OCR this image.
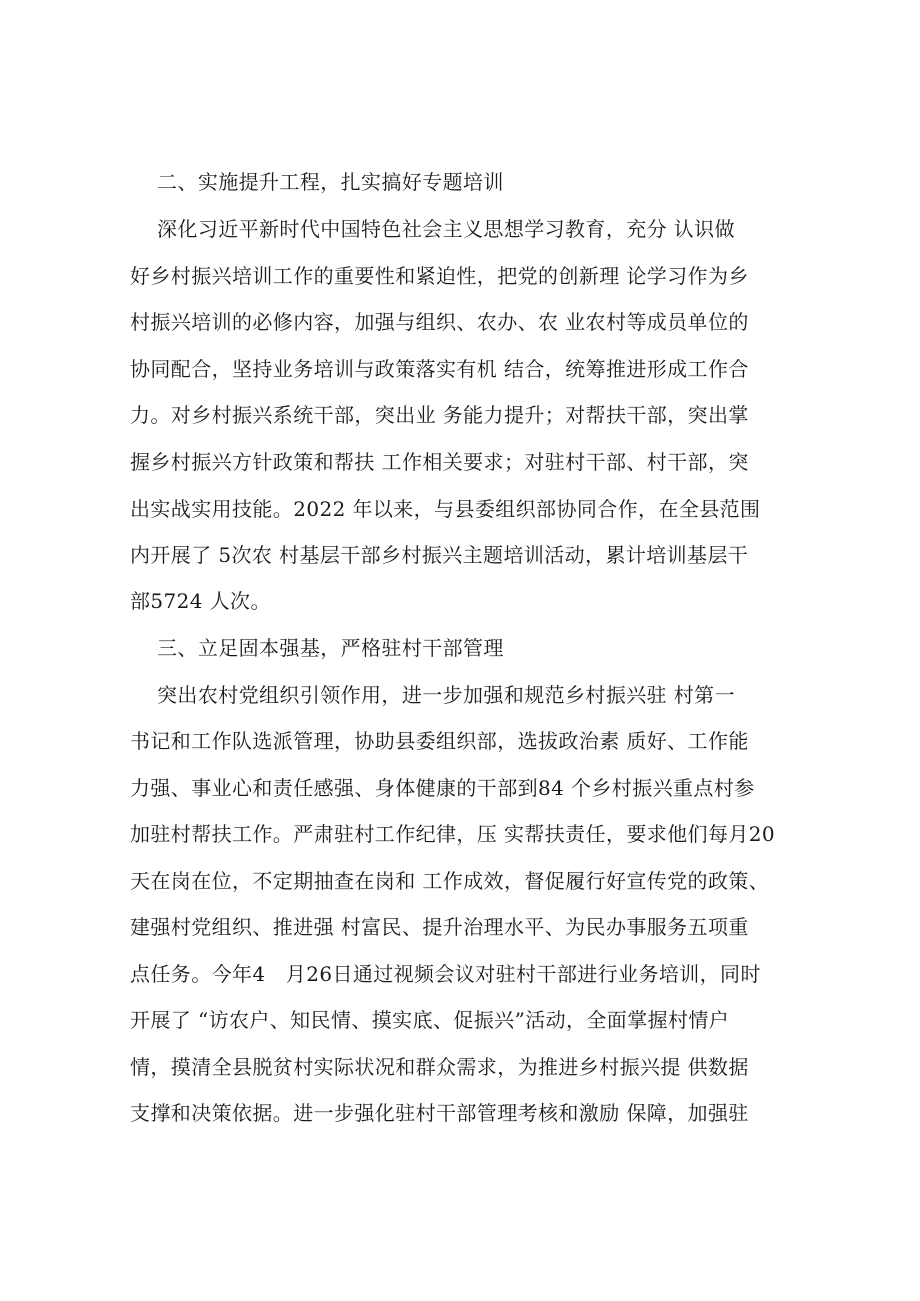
二、实施提升工程，扎实搞好专题培训
深化习近平新时代中国特色社会主义思想学习教育，充分 认识做
好乡村振兴培训工作的重要性和紧迫性，把党的创新理 论学习作为乡
村振兴培训的必修内容，加强与组织、农办、农 业农村等成员单位的
协同配合，坚持业务培训与政策落实有机 结合，统筹推进形成工作合
力。对乡村振兴系统干部，突出业 务能力提升；对帮扶干部，突出掌
握乡村振兴方针政策和帮扶 工作相关要求；对驻村干部、村干部，突
出实战实用技能。2022 年以来，与县委组织部协同合作，在全县范围
内开展了 5次农 村基层干部乡村振兴主题培训活动，累计培训基层干
部5724 人次。
三、立足固本强基，严格驻村干部管理
突出农村党组织引领作用，进一步加强和规范乡村振兴驻 村第一
书记和工作队选派管理，协助县委组织部，选拔政治素 质好、工作能
力强、事业心和责任感强、身体健康的干部到84 个乡村振兴重点村参
加驻村帮扶工作。严肃驻村工作纪律，压 实帮扶责任，要求他们每月20
天在岗在位，不定期抽查在岗和 工作成效，督促履行好宣传党的政策、
建强村党组织、推进强 村富民、提升治理水平、为民办事服务五项重
点任务。今年4   月26日通过视频会议对驻村干部进行业务培训，同时
开展了 “访农户、知民情、摸实底、促振兴”活动，全面掌握村情户
情，摸清全县脱贫村实际状况和群众需求，为推进乡村振兴提 供数据
支撑和决策依据。进一步强化驻村干部管理考核和激励 保障，加强驻
